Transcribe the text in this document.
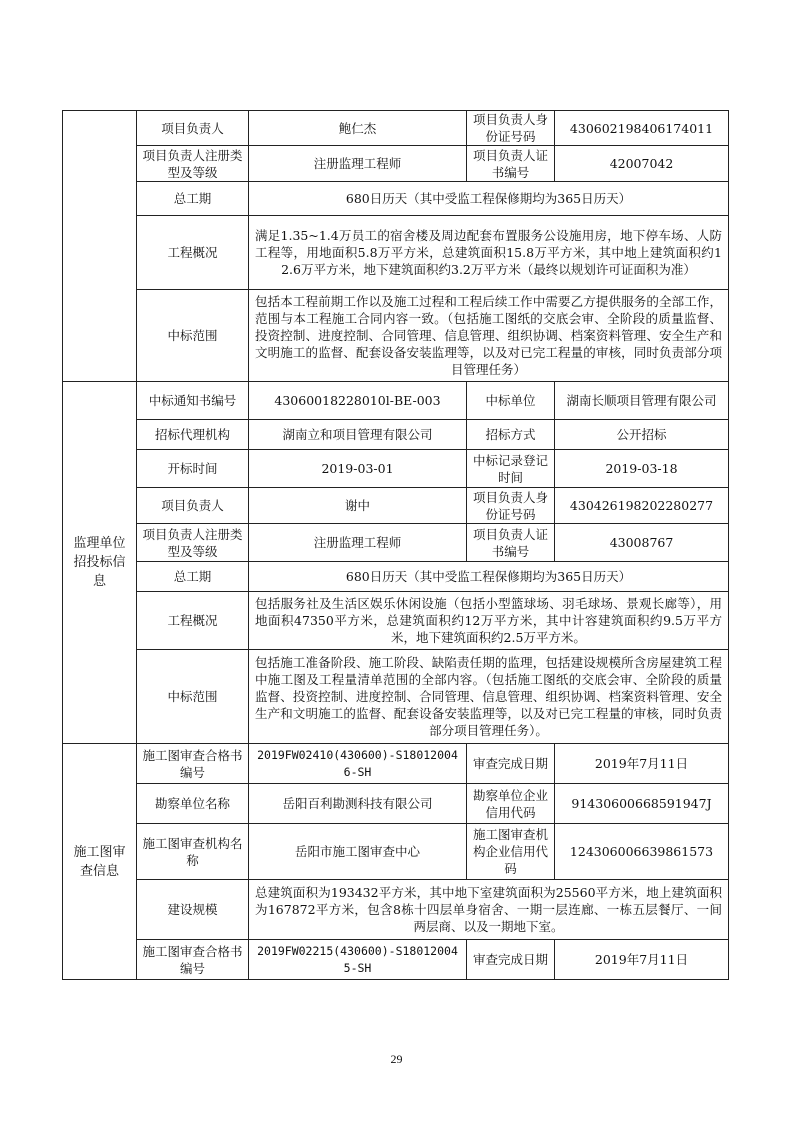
	项目负责人	鲍仁杰	项目负责人身份证号码	430602198406174011
	项目负责人注册类型及等级	注册监理工程师	项目负责人证书编号	42007042
	总工期	680日历天（其中受监工程保修期均为365日历天）		
	工程概况	满足1.35~1.4万员工的宿舍楼及周边配套布置服务公设施用房，地下停车场、人防工程等，用地面积5.8万平方米，总建筑面积15.8万平方米，其中地上建筑面积约12.6万平方米，地下建筑面积约3.2万平方米（最终以规划许可证面积为准）		
	中标范围	包括本工程前期工作以及施工过程和工程后续工作中需要乙方提供服务的全部工作，范围与本工程施工合同内容一致。（包括施工图纸的交底会审、全阶段的质量监督、投资控制、进度控制、合同管理、信息管理、组织协调、档案资料管理、安全生产和文明施工的监督、配套设备安装监理等，以及对已完工程量的审核，同时负责部分项目管理任务）		
监理单位招投标信息	中标通知书编号	43060018228010l-BE-003	中标单位	湖南长顺项目管理有限公司
	招标代理机构	湖南立和项目管理有限公司	招标方式	公开招标
	开标时间	2019-03-01	中标记录登记时间	2019-03-18
	项目负责人	谢中	项目负责人身份证号码	430426198202280277
	项目负责人注册类型及等级	注册监理工程师	项目负责人证书编号	43008767
	总工期	680日历天（其中受监工程保修期均为365日历天）		
	工程概况	包括服务社及生活区娱乐休闲设施（包括小型篮球场、羽毛球场、景观长廊等），用地面积47350平方米，总建筑面积约12万平方米，其中计容建筑面积约9.5万平方米，地下建筑面积约2.5万平方米。		
	中标范围	包括施工准备阶段、施工阶段、缺陷责任期的监理，包括建设规模所含房屋建筑工程中施工图及工程量清单范围的全部内容。（包括施工图纸的交底会审、全阶段的质量监督、投资控制、进度控制、合同管理、信息管理、组织协调、档案资料管理、安全生产和文明施工的监督、配套设备安装监理等，以及对已完工程量的审核，同时负责部分项目管理任务）。		
施工图审查信息	施工图审查合格书编号	2019FW02410(430600)-S18012004 6-SH	审查完成日期	2019年7月11日
	勘察单位名称	岳阳百利勘测科技有限公司	勘察单位企业信用代码	91430600668591947J
	施工图审查机构名称	岳阳市施工图审查中心	施工图审查机构企业信用代码	124306006639861573
	建设规模	总建筑面积为193432平方米，其中地下室建筑面积为25560平方米，地上建筑面积为167872平方米，包含8栋十四层单身宿舍、一期一层连廊、一栋五层餐厅、一间两层商、以及一期地下室。		
	施工图审查合格书编号	2019FW02215(430600)-S18012004 5-SH	审查完成日期	2019年7月11日
29
